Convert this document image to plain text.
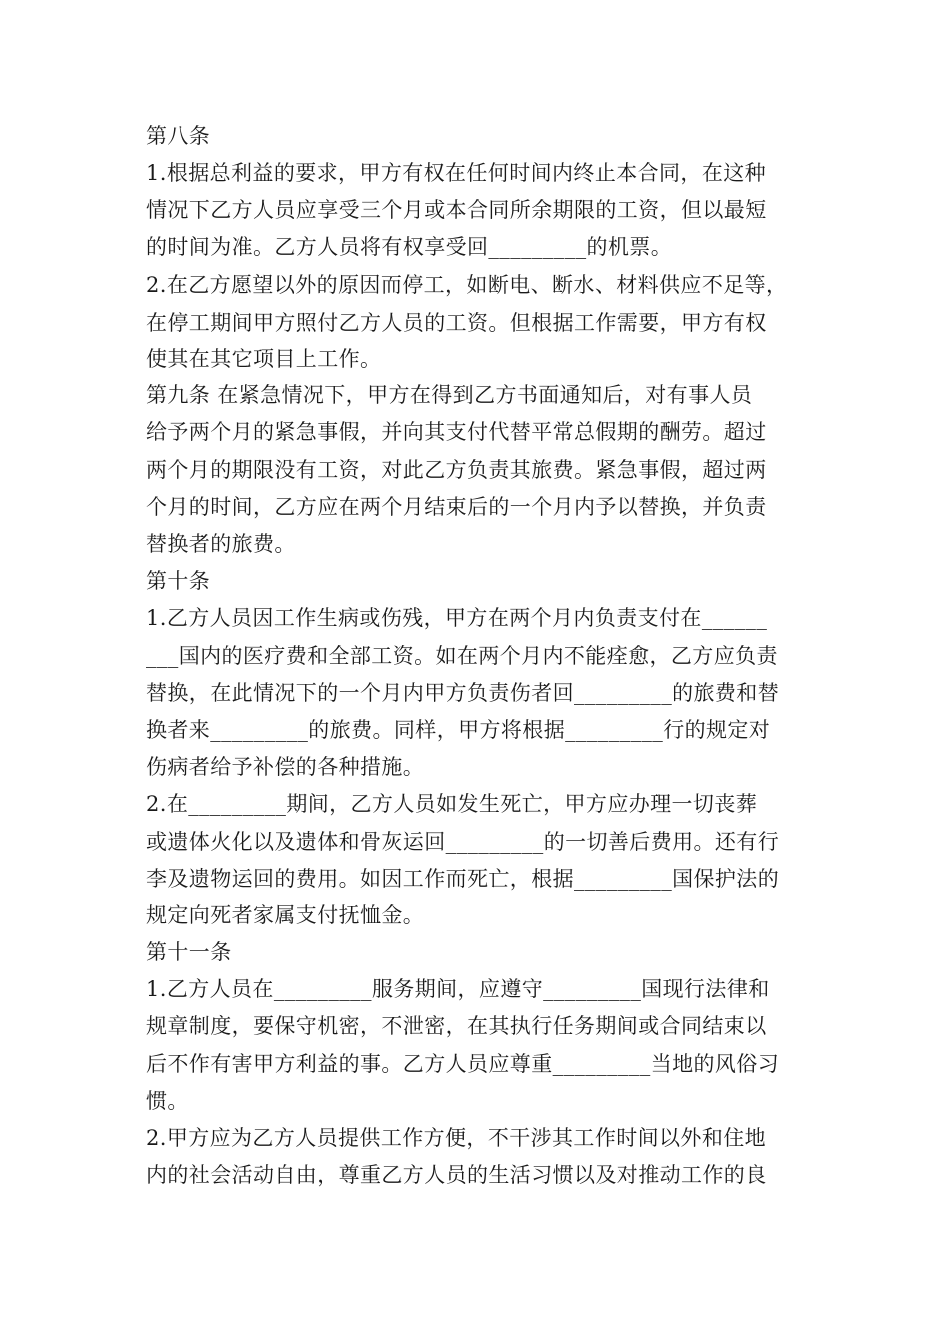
第八条
1.根据总利益的要求，甲方有权在任何时间内终止本合同，在这种
情况下乙方人员应享受三个月或本合同所余期限的工资，但以最短
的时间为准。乙方人员将有权享受回_________的机票。
2.在乙方愿望以外的原因而停工，如断电、断水、材料供应不足等，
在停工期间甲方照付乙方人员的工资。但根据工作需要，甲方有权
使其在其它项目上工作。
第九条 在紧急情况下，甲方在得到乙方书面通知后，对有事人员
给予两个月的紧急事假，并向其支付代替平常总假期的酬劳。超过
两个月的期限没有工资，对此乙方负责其旅费。紧急事假，超过两
个月的时间，乙方应在两个月结束后的一个月内予以替换，并负责
替换者的旅费。
第十条
1.乙方人员因工作生病或伤残，甲方在两个月内负责支付在______
___国内的医疗费和全部工资。如在两个月内不能痊愈，乙方应负责
替换，在此情况下的一个月内甲方负责伤者回_________的旅费和替
换者来_________的旅费。同样，甲方将根据_________行的规定对
伤病者给予补偿的各种措施。
2.在_________期间，乙方人员如发生死亡，甲方应办理一切丧葬
或遗体火化以及遗体和骨灰运回_________的一切善后费用。还有行
李及遗物运回的费用。如因工作而死亡，根据_________国保护法的
规定向死者家属支付抚恤金。
第十一条
1.乙方人员在_________服务期间，应遵守_________国现行法律和
规章制度，要保守机密，不泄密，在其执行任务期间或合同结束以
后不作有害甲方利益的事。乙方人员应尊重_________当地的风俗习
惯。
2.甲方应为乙方人员提供工作方便，不干涉其工作时间以外和住地
内的社会活动自由，尊重乙方人员的生活习惯以及对推动工作的良
